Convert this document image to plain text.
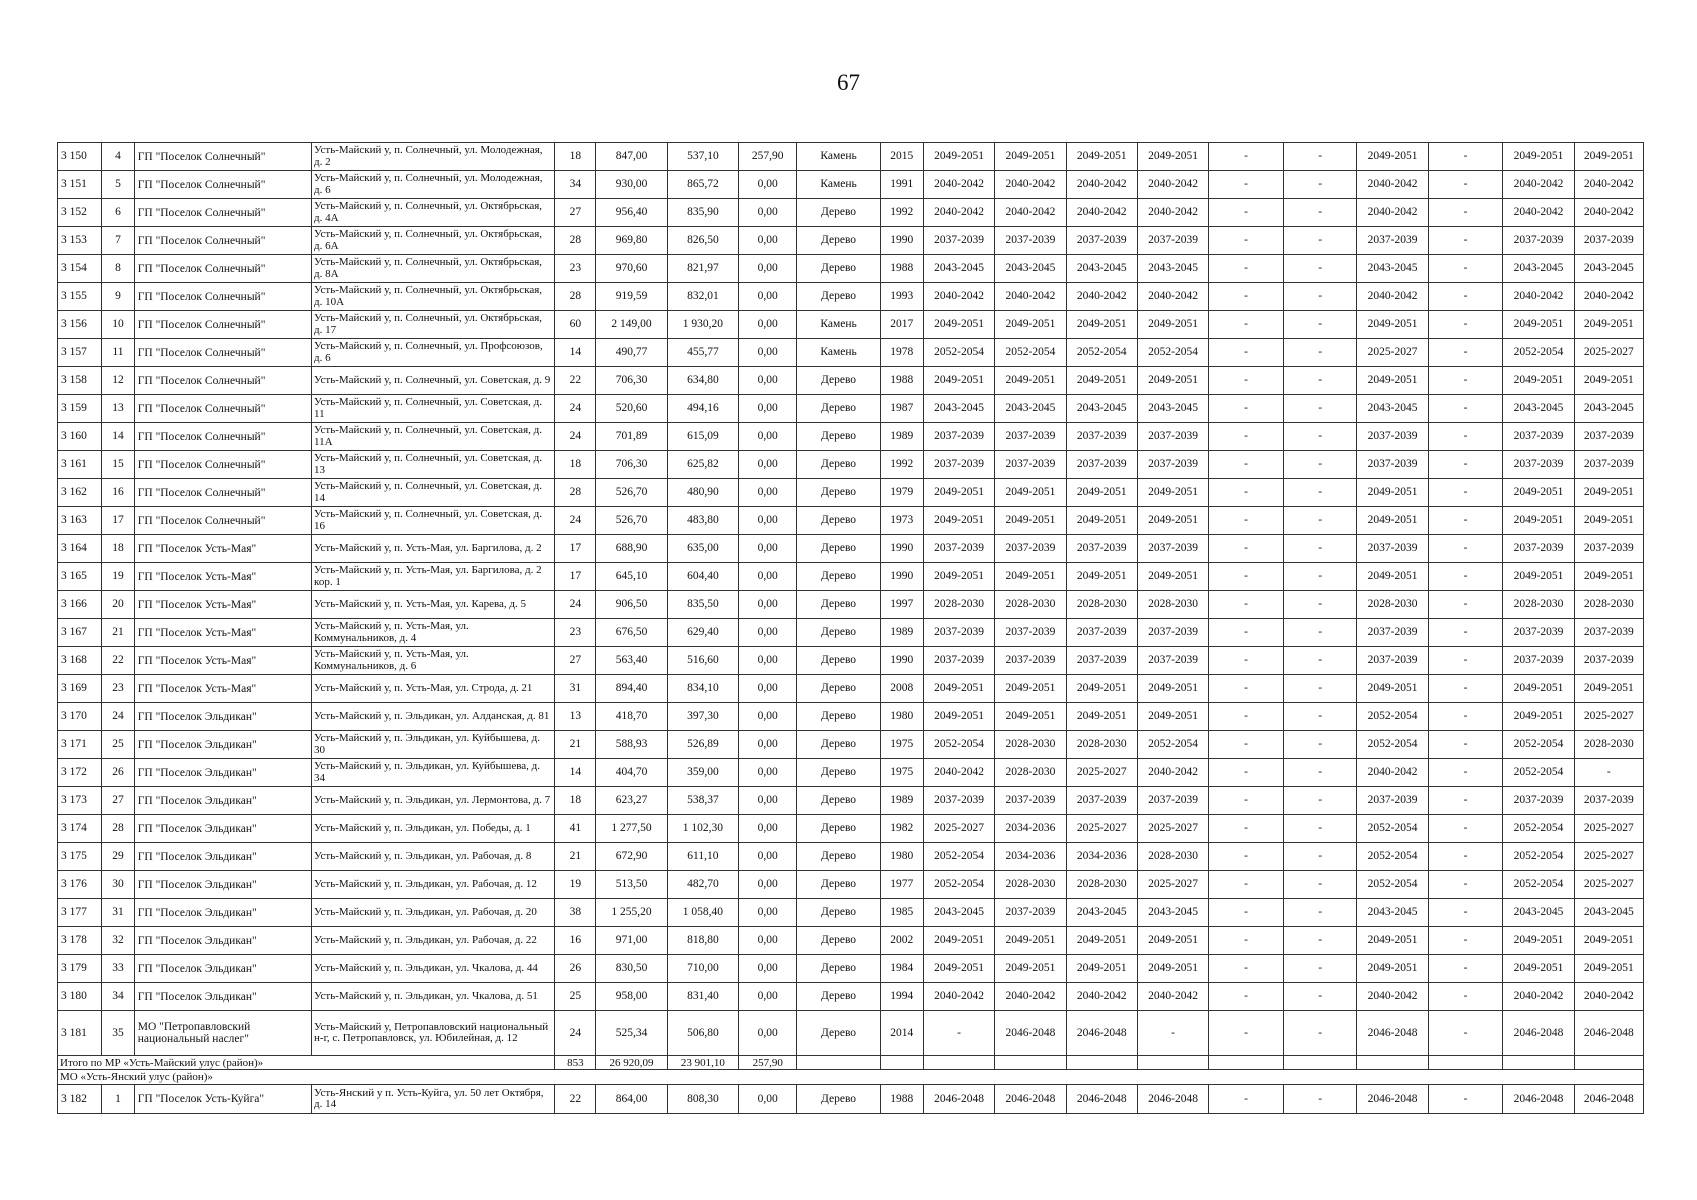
67
3 150	4	ГП "Поселок Солнечный"	Усть-Майский у, п. Солнечный, ул. Молодежная, д. 2	18	847,00	537,10	257,90	Камень	2015	2049-2051	2049-2051	2049-2051	2049-2051	-	-	2049-2051	-	2049-2051	2049-2051
3 151	5	ГП "Поселок Солнечный"	Усть-Майский у, п. Солнечный, ул. Молодежная, д. 6	34	930,00	865,72	0,00	Камень	1991	2040-2042	2040-2042	2040-2042	2040-2042	-	-	2040-2042	-	2040-2042	2040-2042
3 152	6	ГП "Поселок Солнечный"	Усть-Майский у, п. Солнечный, ул. Октябрьская, д. 4А	27	956,40	835,90	0,00	Дерево	1992	2040-2042	2040-2042	2040-2042	2040-2042	-	-	2040-2042	-	2040-2042	2040-2042
3 153	7	ГП "Поселок Солнечный"	Усть-Майский у, п. Солнечный, ул. Октябрьская, д. 6А	28	969,80	826,50	0,00	Дерево	1990	2037-2039	2037-2039	2037-2039	2037-2039	-	-	2037-2039	-	2037-2039	2037-2039
3 154	8	ГП "Поселок Солнечный"	Усть-Майский у, п. Солнечный, ул. Октябрьская, д. 8А	23	970,60	821,97	0,00	Дерево	1988	2043-2045	2043-2045	2043-2045	2043-2045	-	-	2043-2045	-	2043-2045	2043-2045
3 155	9	ГП "Поселок Солнечный"	Усть-Майский у, п. Солнечный, ул. Октябрьская, д. 10А	28	919,59	832,01	0,00	Дерево	1993	2040-2042	2040-2042	2040-2042	2040-2042	-	-	2040-2042	-	2040-2042	2040-2042
3 156	10	ГП "Поселок Солнечный"	Усть-Майский у, п. Солнечный, ул. Октябрьская, д. 17	60	2 149,00	1 930,20	0,00	Камень	2017	2049-2051	2049-2051	2049-2051	2049-2051	-	-	2049-2051	-	2049-2051	2049-2051
3 157	11	ГП "Поселок Солнечный"	Усть-Майский у, п. Солнечный, ул. Профсоюзов, д. 6	14	490,77	455,77	0,00	Камень	1978	2052-2054	2052-2054	2052-2054	2052-2054	-	-	2025-2027	-	2052-2054	2025-2027
3 158	12	ГП "Поселок Солнечный"	Усть-Майский у, п. Солнечный, ул. Советская, д. 9	22	706,30	634,80	0,00	Дерево	1988	2049-2051	2049-2051	2049-2051	2049-2051	-	-	2049-2051	-	2049-2051	2049-2051
3 159	13	ГП "Поселок Солнечный"	Усть-Майский у, п. Солнечный, ул. Советская, д. 11	24	520,60	494,16	0,00	Дерево	1987	2043-2045	2043-2045	2043-2045	2043-2045	-	-	2043-2045	-	2043-2045	2043-2045
3 160	14	ГП "Поселок Солнечный"	Усть-Майский у, п. Солнечный, ул. Советская, д. 11А	24	701,89	615,09	0,00	Дерево	1989	2037-2039	2037-2039	2037-2039	2037-2039	-	-	2037-2039	-	2037-2039	2037-2039
3 161	15	ГП "Поселок Солнечный"	Усть-Майский у, п. Солнечный, ул. Советская, д. 13	18	706,30	625,82	0,00	Дерево	1992	2037-2039	2037-2039	2037-2039	2037-2039	-	-	2037-2039	-	2037-2039	2037-2039
3 162	16	ГП "Поселок Солнечный"	Усть-Майский у, п. Солнечный, ул. Советская, д. 14	28	526,70	480,90	0,00	Дерево	1979	2049-2051	2049-2051	2049-2051	2049-2051	-	-	2049-2051	-	2049-2051	2049-2051
3 163	17	ГП "Поселок Солнечный"	Усть-Майский у, п. Солнечный, ул. Советская, д. 16	24	526,70	483,80	0,00	Дерево	1973	2049-2051	2049-2051	2049-2051	2049-2051	-	-	2049-2051	-	2049-2051	2049-2051
3 164	18	ГП "Поселок Усть-Мая"	Усть-Майский у, п. Усть-Мая, ул. Баргилова, д. 2	17	688,90	635,00	0,00	Дерево	1990	2037-2039	2037-2039	2037-2039	2037-2039	-	-	2037-2039	-	2037-2039	2037-2039
3 165	19	ГП "Поселок Усть-Мая"	Усть-Майский у, п. Усть-Мая, ул. Баргилова, д. 2 кор. 1	17	645,10	604,40	0,00	Дерево	1990	2049-2051	2049-2051	2049-2051	2049-2051	-	-	2049-2051	-	2049-2051	2049-2051
3 166	20	ГП "Поселок Усть-Мая"	Усть-Майский у, п. Усть-Мая, ул. Карева, д. 5	24	906,50	835,50	0,00	Дерево	1997	2028-2030	2028-2030	2028-2030	2028-2030	-	-	2028-2030	-	2028-2030	2028-2030
3 167	21	ГП "Поселок Усть-Мая"	Усть-Майский у, п. Усть-Мая, ул. Коммунальников, д. 4	23	676,50	629,40	0,00	Дерево	1989	2037-2039	2037-2039	2037-2039	2037-2039	-	-	2037-2039	-	2037-2039	2037-2039
3 168	22	ГП "Поселок Усть-Мая"	Усть-Майский у, п. Усть-Мая, ул. Коммунальников, д. 6	27	563,40	516,60	0,00	Дерево	1990	2037-2039	2037-2039	2037-2039	2037-2039	-	-	2037-2039	-	2037-2039	2037-2039
3 169	23	ГП "Поселок Усть-Мая"	Усть-Майский у, п. Усть-Мая, ул. Строда, д. 21	31	894,40	834,10	0,00	Дерево	2008	2049-2051	2049-2051	2049-2051	2049-2051	-	-	2049-2051	-	2049-2051	2049-2051
3 170	24	ГП "Поселок Эльдикан"	Усть-Майский у, п. Эльдикан, ул. Алданская, д. 81	13	418,70	397,30	0,00	Дерево	1980	2049-2051	2049-2051	2049-2051	2049-2051	-	-	2052-2054	-	2049-2051	2025-2027
3 171	25	ГП "Поселок Эльдикан"	Усть-Майский у, п. Эльдикан, ул. Куйбышева, д. 30	21	588,93	526,89	0,00	Дерево	1975	2052-2054	2028-2030	2028-2030	2052-2054	-	-	2052-2054	-	2052-2054	2028-2030
3 172	26	ГП "Поселок Эльдикан"	Усть-Майский у, п. Эльдикан, ул. Куйбышева, д. 34	14	404,70	359,00	0,00	Дерево	1975	2040-2042	2028-2030	2025-2027	2040-2042	-	-	2040-2042	-	2052-2054	-
3 173	27	ГП "Поселок Эльдикан"	Усть-Майский у, п. Эльдикан, ул. Лермонтова, д. 7	18	623,27	538,37	0,00	Дерево	1989	2037-2039	2037-2039	2037-2039	2037-2039	-	-	2037-2039	-	2037-2039	2037-2039
3 174	28	ГП "Поселок Эльдикан"	Усть-Майский у, п. Эльдикан, ул. Победы, д. 1	41	1 277,50	1 102,30	0,00	Дерево	1982	2025-2027	2034-2036	2025-2027	2025-2027	-	-	2052-2054	-	2052-2054	2025-2027
3 175	29	ГП "Поселок Эльдикан"	Усть-Майский у, п. Эльдикан, ул. Рабочая, д. 8	21	672,90	611,10	0,00	Дерево	1980	2052-2054	2034-2036	2034-2036	2028-2030	-	-	2052-2054	-	2052-2054	2025-2027
3 176	30	ГП "Поселок Эльдикан"	Усть-Майский у, п. Эльдикан, ул. Рабочая, д. 12	19	513,50	482,70	0,00	Дерево	1977	2052-2054	2028-2030	2028-2030	2025-2027	-	-	2052-2054	-	2052-2054	2025-2027
3 177	31	ГП "Поселок Эльдикан"	Усть-Майский у, п. Эльдикан, ул. Рабочая, д. 20	38	1 255,20	1 058,40	0,00	Дерево	1985	2043-2045	2037-2039	2043-2045	2043-2045	-	-	2043-2045	-	2043-2045	2043-2045
3 178	32	ГП "Поселок Эльдикан"	Усть-Майский у, п. Эльдикан, ул. Рабочая, д. 22	16	971,00	818,80	0,00	Дерево	2002	2049-2051	2049-2051	2049-2051	2049-2051	-	-	2049-2051	-	2049-2051	2049-2051
3 179	33	ГП "Поселок Эльдикан"	Усть-Майский у, п. Эльдикан, ул. Чкалова, д. 44	26	830,50	710,00	0,00	Дерево	1984	2049-2051	2049-2051	2049-2051	2049-2051	-	-	2049-2051	-	2049-2051	2049-2051
3 180	34	ГП "Поселок Эльдикан"	Усть-Майский у, п. Эльдикан, ул. Чкалова, д. 51	25	958,00	831,40	0,00	Дерево	1994	2040-2042	2040-2042	2040-2042	2040-2042	-	-	2040-2042	-	2040-2042	2040-2042
3 181	35	МО "Петропавловский национальный наслег"	Усть-Майский у, Петропавловский национальный н-г, с. Петропавловск, ул. Юбилейная, д. 12	24	525,34	506,80	0,00	Дерево	2014	-	2046-2048	2046-2048	-	-	-	2046-2048	-	2046-2048	2046-2048
Итого по МР «Усть-Майский улус (район)»				853	26 920,09	23 901,10	257,90												
МО «Усть-Янский улус (район)»																			
3 182	1	ГП "Поселок Усть-Куйга"	Усть-Янский у п. Усть-Куйга, ул. 50 лет Октября, д. 14	22	864,00	808,30	0,00	Дерево	1988	2046-2048	2046-2048	2046-2048	2046-2048	-	-	2046-2048	-	2046-2048	2046-2048
